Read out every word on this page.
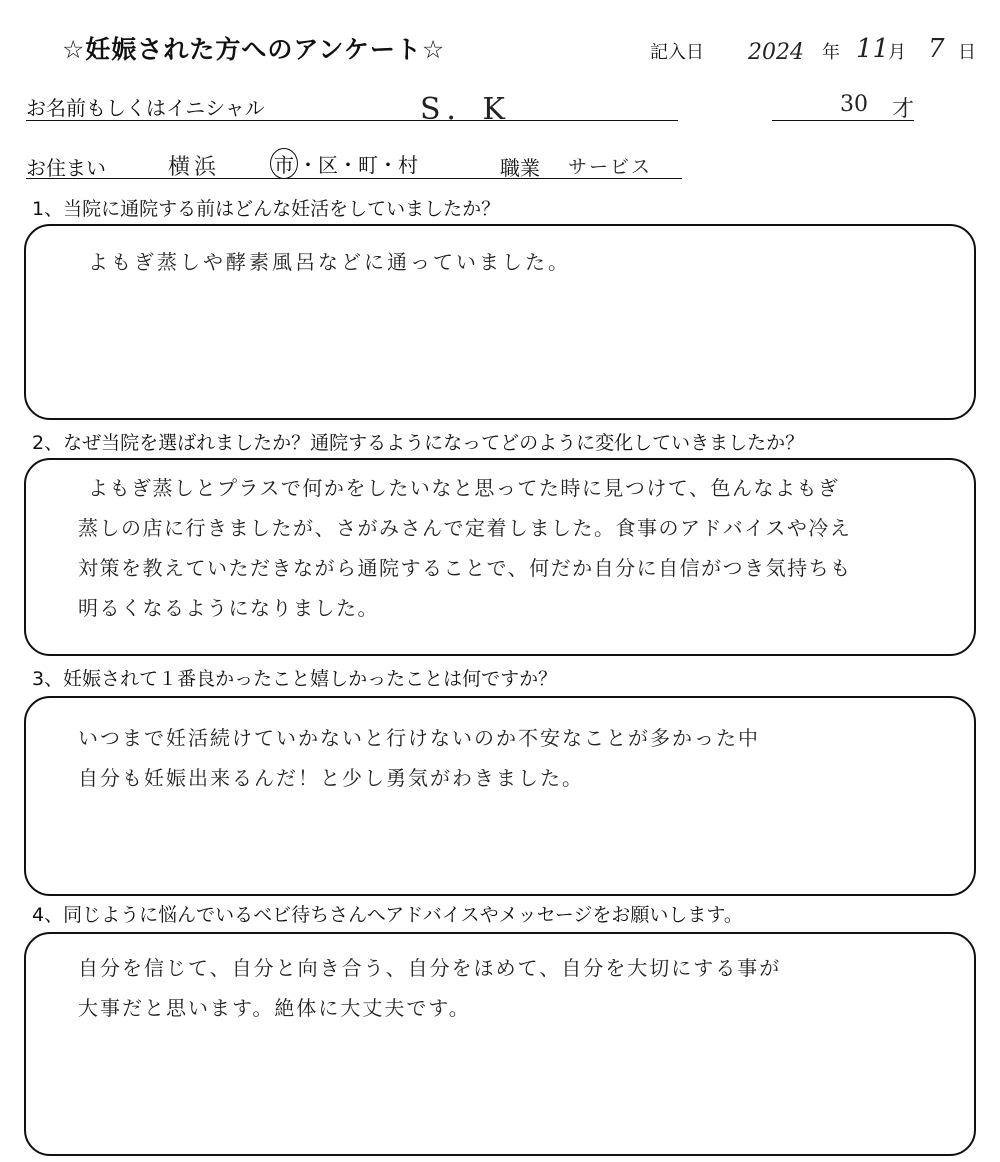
☆妊娠された方へのアンケート☆	記入日 2024 年 11
月 7 日
お名前もしくはイニシャル	S．K	30 才
お住まい	横浜	市 ・区・町・村	職業 サービス
1、当院に通院する前はどんな妊活をしていましたか？
よもぎ蒸しや酵素風呂などに通っていました。
2、なぜ当院を選ばれましたか？通院するようになってどのように変化していきましたか？
よもぎ蒸しとプラスで何かをしたいなと思ってた時に見つけて、色んなよもぎ
蒸しの店に行きましたが、さがみさんで定着しました。食事のアドバイスや冷え
対策を教えていただきながら通院することで、何だか自分に自信がつき気持ちも
明るくなるようになりました。
3、妊娠されて１番良かったこと嬉しかったことは何ですか？
いつまで妊活続けていかないと行けないのか不安なことが多かった中
自分も妊娠出来るんだ！と少し勇気がわきました。
4、同じように悩んでいるベビ待ちさんへアドバイスやメッセージをお願いします。
自分を信じて、自分と向き合う、自分をほめて、自分を大切にする事が
大事だと思います。絶体に大丈夫です。
